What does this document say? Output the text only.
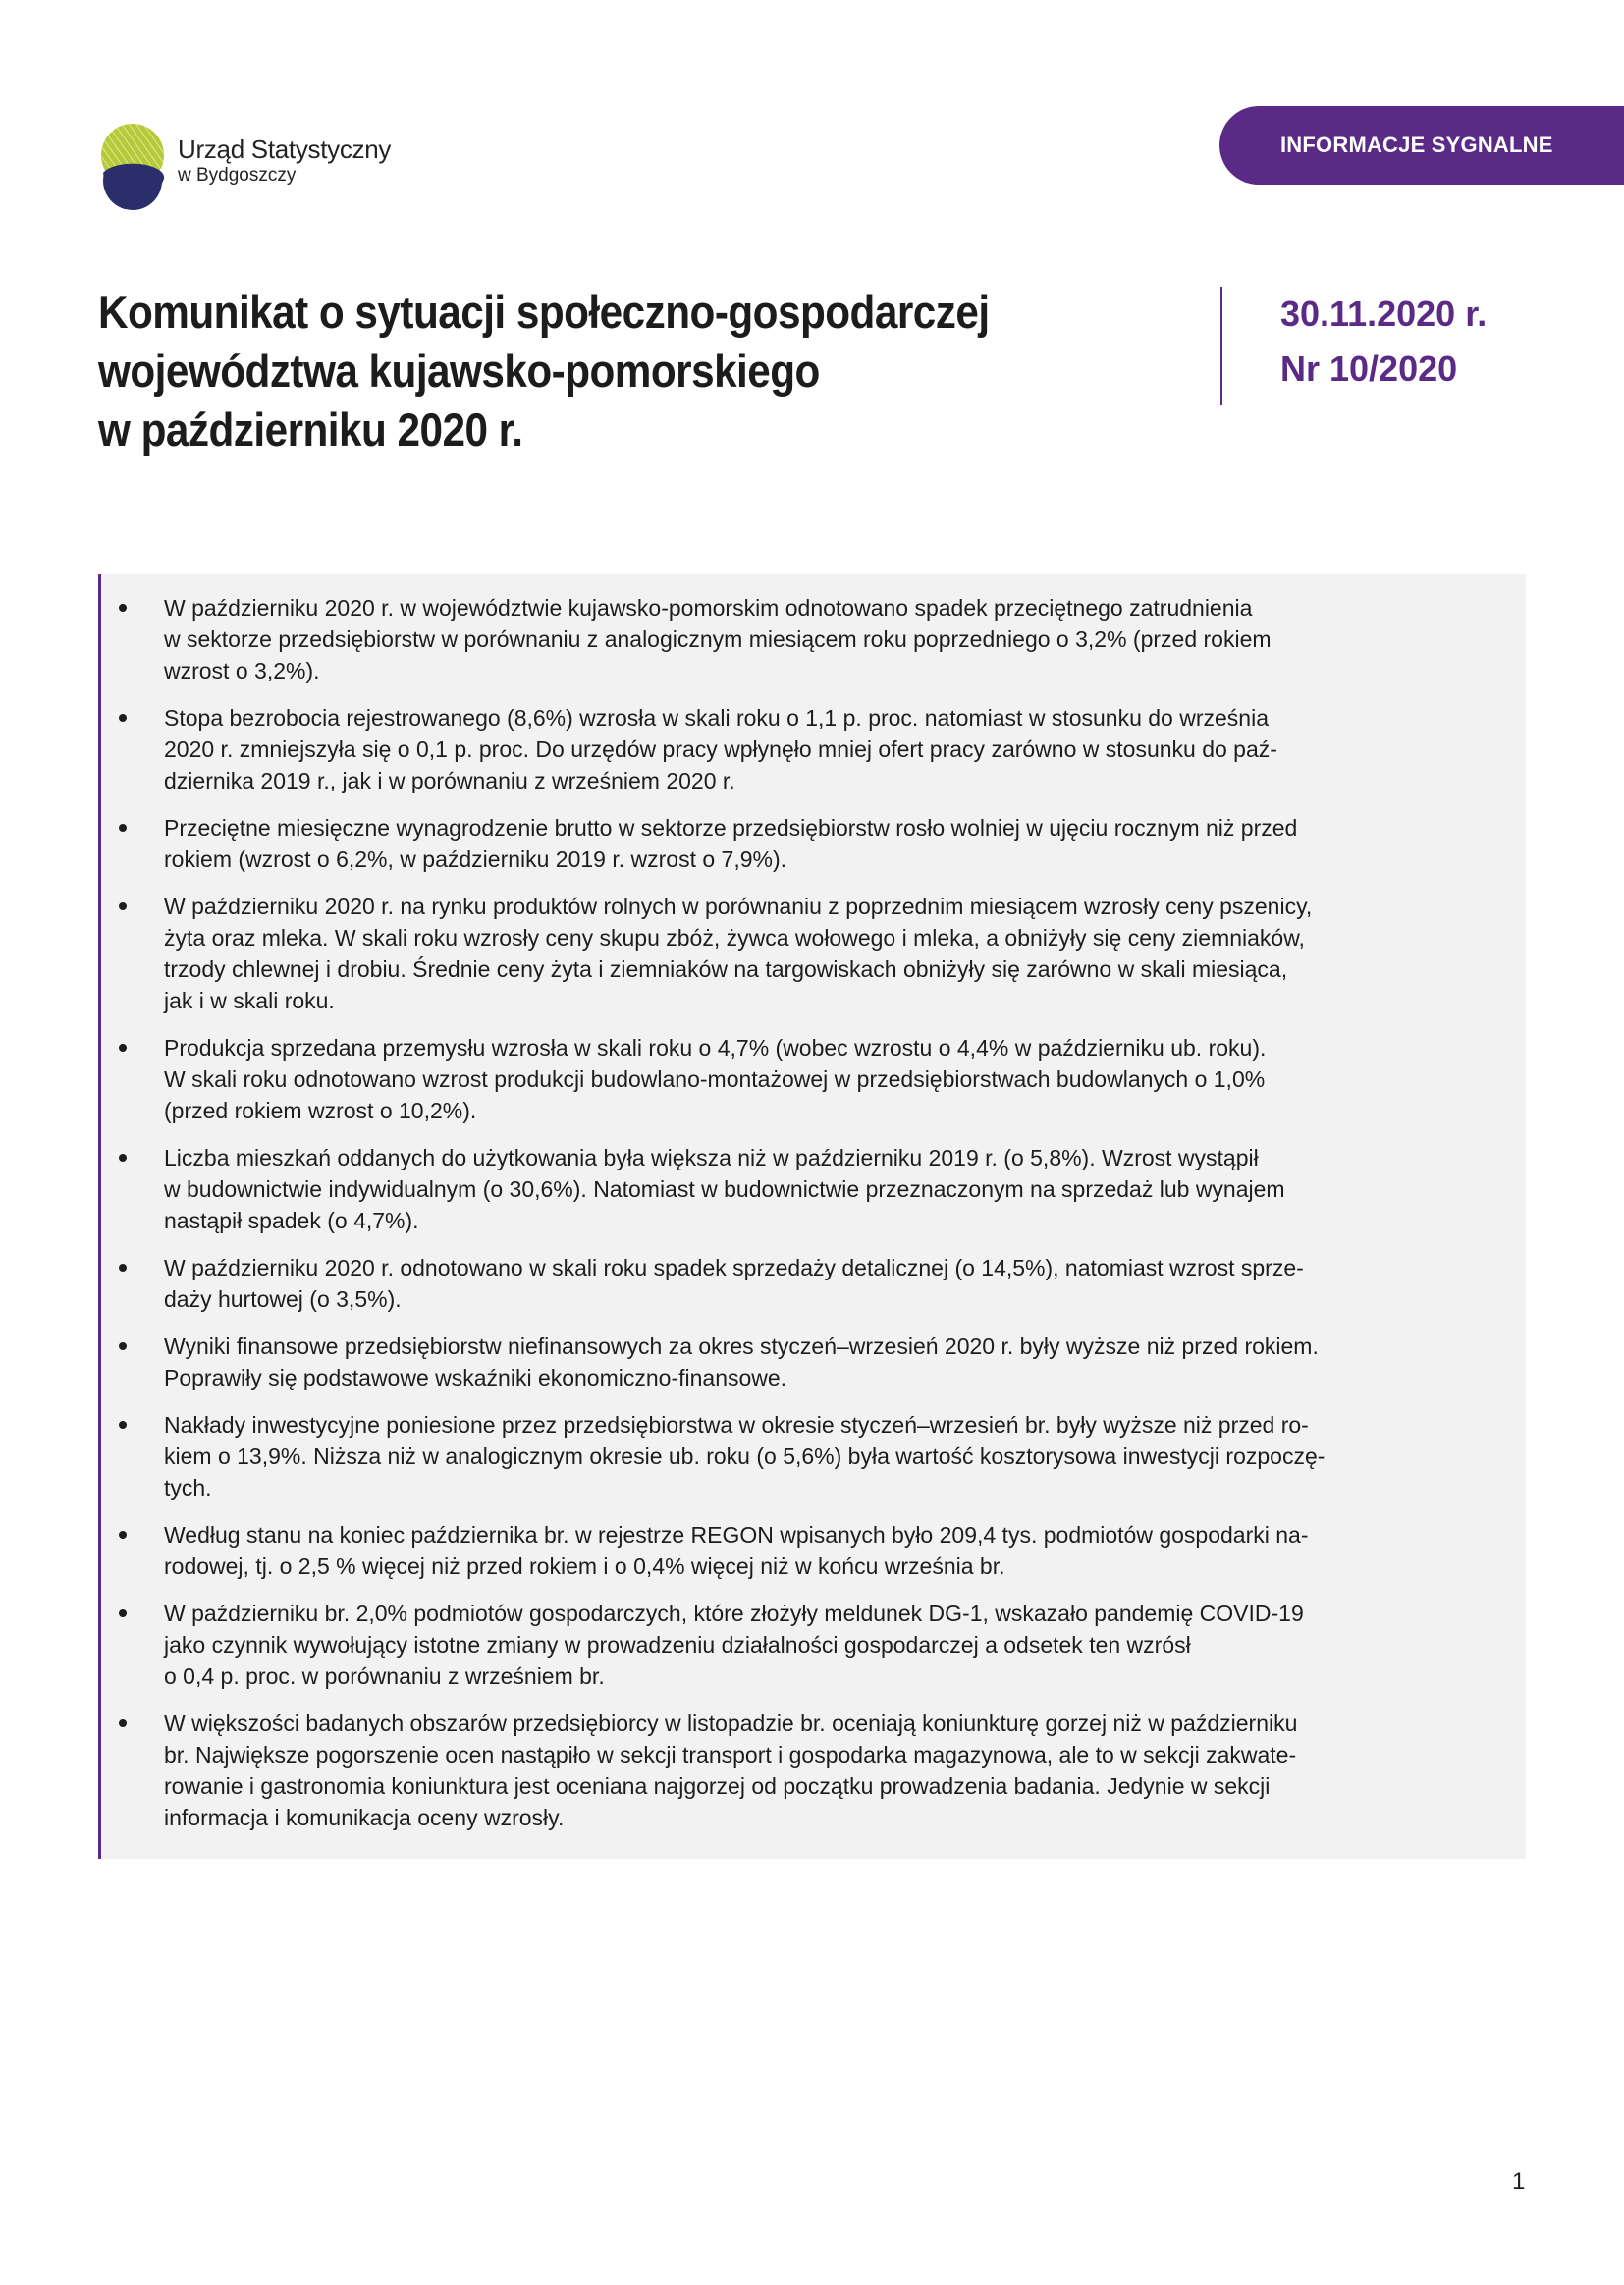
Urząd Statystyczny
w Bydgoszczy
INFORMACJE SYGNALNE
Komunikat o sytuacji społeczno-gospodarczej
województwa kujawsko-pomorskiego
w październiku 2020 r.
30.11.2020 r.
Nr 10/2020
W październiku 2020 r. w województwie kujawsko-pomorskim odnotowano spadek przeciętnego zatrudnienia
w sektorze przedsiębiorstw w porównaniu z analogicznym miesiącem roku poprzedniego o 3,2% (przed rokiem
wzrost o 3,2%).
Stopa bezrobocia rejestrowanego (8,6%) wzrosła w skali roku o 1,1 p. proc. natomiast w stosunku do września
2020 r. zmniejszyła się o 0,1 p. proc. Do urzędów pracy wpłynęło mniej ofert pracy zarówno w stosunku do paź-
dziernika 2019 r., jak i w porównaniu z wrześniem 2020 r.
Przeciętne miesięczne wynagrodzenie brutto w sektorze przedsiębiorstw rosło wolniej w ujęciu rocznym niż przed
rokiem (wzrost o 6,2%, w październiku 2019 r. wzrost o 7,9%).
W październiku 2020 r. na rynku produktów rolnych w porównaniu z poprzednim miesiącem wzrosły ceny pszenicy,
żyta oraz mleka. W skali roku wzrosły ceny skupu zbóż, żywca wołowego i mleka, a obniżyły się ceny ziemniaków,
trzody chlewnej i drobiu. Średnie ceny żyta i ziemniaków na targowiskach obniżyły się zarówno w skali miesiąca,
jak i w skali roku.
Produkcja sprzedana przemysłu wzrosła w skali roku o 4,7% (wobec wzrostu o 4,4% w październiku ub. roku).
W skali roku odnotowano wzrost produkcji budowlano-montażowej w przedsiębiorstwach budowlanych o 1,0%
(przed rokiem wzrost o 10,2%).
Liczba mieszkań oddanych do użytkowania była większa niż w październiku 2019 r. (o 5,8%). Wzrost wystąpił
w budownictwie indywidualnym (o 30,6%). Natomiast w budownictwie przeznaczonym na sprzedaż lub wynajem
nastąpił spadek (o 4,7%).
W październiku 2020 r. odnotowano w skali roku spadek sprzedaży detalicznej (o 14,5%), natomiast wzrost sprze-
daży hurtowej (o 3,5%).
Wyniki finansowe przedsiębiorstw niefinansowych za okres styczeń–wrzesień 2020 r. były wyższe niż przed rokiem.
Poprawiły się podstawowe wskaźniki ekonomiczno-finansowe.
Nakłady inwestycyjne poniesione przez przedsiębiorstwa w okresie styczeń–wrzesień br. były wyższe niż przed ro-
kiem o 13,9%. Niższa niż w analogicznym okresie ub. roku (o 5,6%) była wartość kosztorysowa inwestycji rozpoczę-
tych.
Według stanu na koniec października br. w rejestrze REGON wpisanych było 209,4 tys. podmiotów gospodarki na-
rodowej, tj. o 2,5 % więcej niż przed rokiem i o 0,4% więcej niż w końcu września br.
W październiku br. 2,0% podmiotów gospodarczych, które złożyły meldunek DG-1, wskazało pandemię COVID-19
jako czynnik wywołujący istotne zmiany w prowadzeniu działalności gospodarczej a odsetek ten wzrósł
o 0,4 p. proc. w porównaniu z wrześniem br.
W większości badanych obszarów przedsiębiorcy w listopadzie br. oceniają koniunkturę gorzej niż w październiku
br. Największe pogorszenie ocen nastąpiło w sekcji transport i gospodarka magazynowa, ale to w sekcji zakwate-
rowanie i gastronomia koniunktura jest oceniana najgorzej od początku prowadzenia badania. Jedynie w sekcji
informacja i komunikacja oceny wzrosły.
1
